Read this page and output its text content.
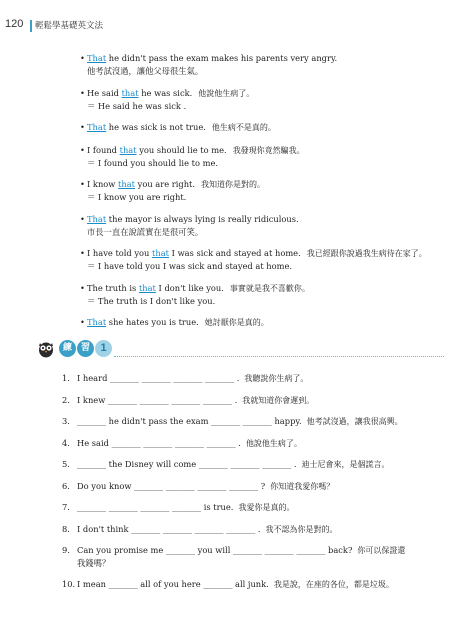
120 輕鬆學基礎英文法
• That he didn't pass the exam makes his parents very angry.
他考試沒過，讓他父母很生氣。
• He said that he was sick. 他說他生病了。
＝ He said he was sick .
• That he was sick is not true. 他生病不是真的。
• I found that you should lie to me. 我發現你竟然騙我。
＝ I found you should lie to me.
• I know that you are right. 我知道你是對的。
＝ I know you are right.
• That the mayor is always lying is really ridiculous.
市長一直在說謊實在是很可笑。
• I have told you that I was sick and stayed at home. 我已經跟你說過我生病待在家了。
＝ I have told you I was sick and stayed at home.
• The truth is that I don't like you. 事實就是我不喜歡你。
＝ The truth is I don't like you.
• That she hates you is true. 她討厭你是真的。
練 習 1
1. I heard _______ _______ _______ _______ . 我聽說你生病了。
2. I knew _______ _______ _______ _______ . 我就知道你會遲到。
3. _______ he didn't pass the exam _______ _______ happy. 他考試沒過，讓我很高興。
4. He said _______ _______ _______ _______ . 他說他生病了。
5. _______ the Disney will come _______ _______ _______ . 迪士尼會來，是個謊言。
6. Do you know _______ _______ _______ _______ ? 你知道我愛你嗎？
7. _______ _______ _______ _______ is true. 我愛你是真的。
8. I don't think _______ _______ _______ _______ . 我不認為你是對的。
9. Can you promise me _______ you will _______ _______ _______ back? 你可以保證還
我錢嗎？
10. I mean _______ all of you here _______ all junk. 我是說，在座的各位，都是垃圾。
